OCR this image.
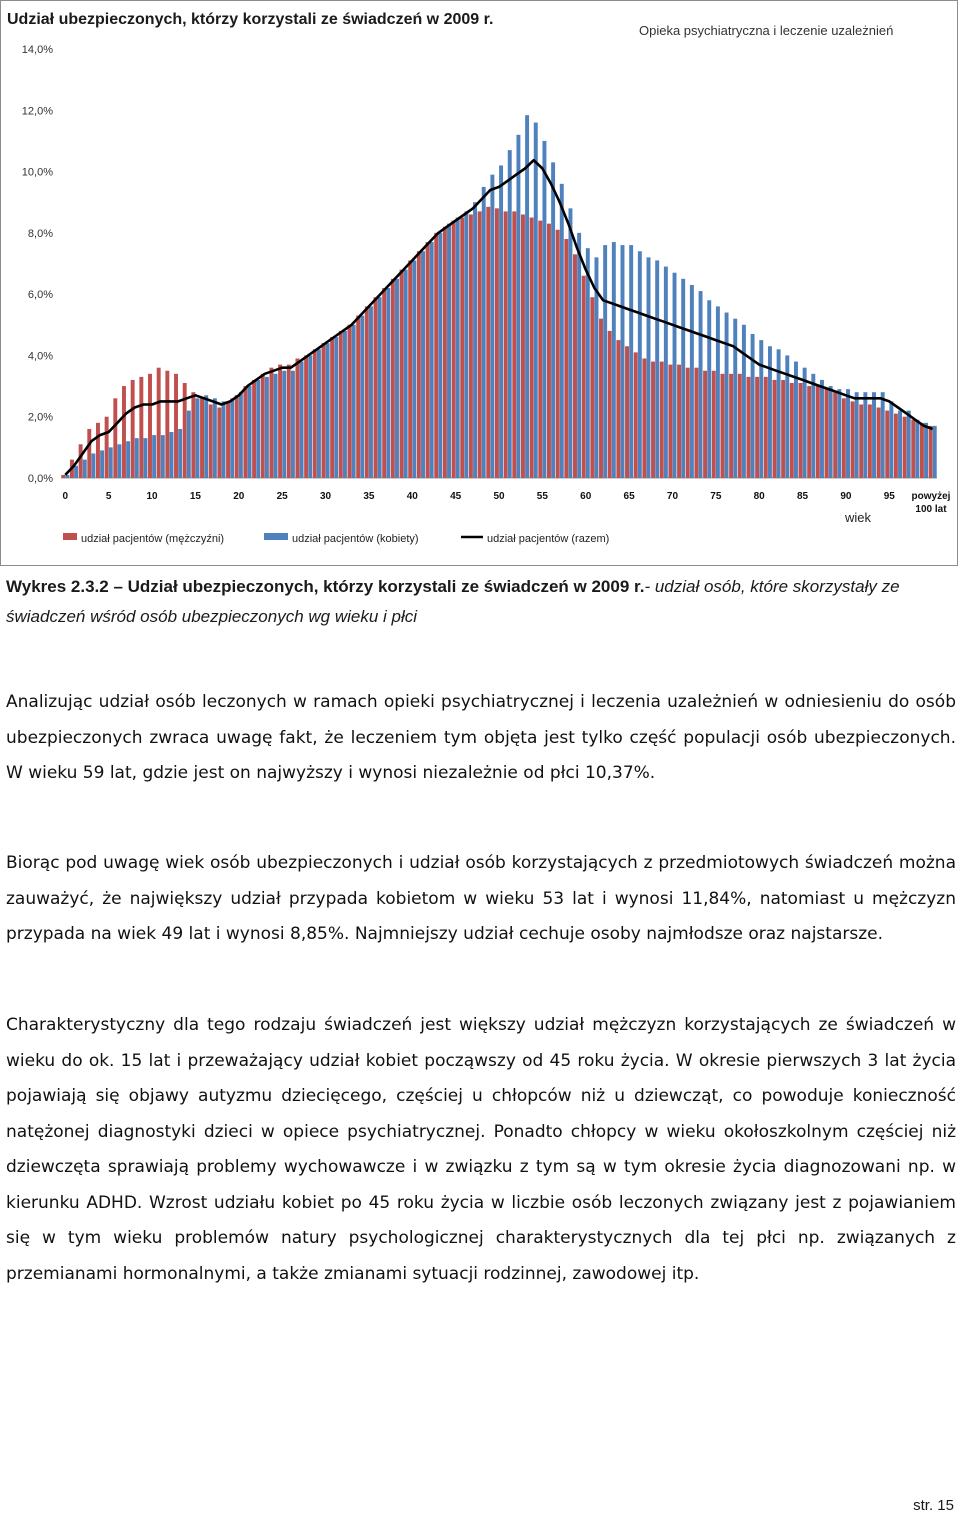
Udział ubezpieczonych, którzy korzystali ze świadczeń w 2009 r.
Opieka psychiatryczna i leczenie uzależnień
0,0%
2,0%
4,0%
6,0%
8,0%
10,0%
12,0%
14,0%
0	5	10	15	20	25	30	35	40	45	50	55	60	65	70	75	80	85	90	95 powyżej
100 lat
wiek
udział pacjentów (mężczyźni)	udział pacjentów (kobiety)	udział pacjentów (razem)
Wykres 2.3.2 – Udział ubezpieczonych, którzy korzystali ze świadczeń w 2009 r.- udział osób, które skorzystały ze świadczeń wśród osób ubezpieczonych wg wieku i płci
Analizując udział osób leczonych w ramach opieki psychiatrycznej i leczenia uzależnień w odniesieniu do osób ubezpieczonych zwraca uwagę fakt, że leczeniem tym objęta jest tylko część populacji osób ubezpieczonych. W wieku 59 lat, gdzie jest on najwyższy i wynosi niezależnie od płci 10,37%.
Biorąc pod uwagę wiek osób ubezpieczonych i udział osób korzystających z przedmiotowych świadczeń można zauważyć, że największy udział przypada kobietom w wieku 53 lat i wynosi 11,84%, natomiast u mężczyzn przypada na wiek 49 lat i wynosi 8,85%. Najmniejszy udział cechuje osoby najmłodsze oraz najstarsze.
Charakterystyczny dla tego rodzaju świadczeń jest większy udział mężczyzn korzystających ze świadczeń w wieku do ok. 15 lat i przeważający udział kobiet począwszy od 45 roku życia. W okresie pierwszych 3 lat życia pojawiają się objawy autyzmu dziecięcego, częściej u chłopców niż u dziewcząt, co powoduje konieczność natężonej diagnostyki dzieci w opiece psychiatrycznej. Ponadto chłopcy w wieku okołoszkolnym częściej niż dziewczęta sprawiają problemy wychowawcze i w związku z tym są w tym okresie życia diagnozowani np. w kierunku ADHD. Wzrost udziału kobiet po 45 roku życia w liczbie osób leczonych związany jest z pojawianiem się w tym wieku problemów natury psychologicznej charakterystycznych dla tej płci np. związanych z przemianami hormonalnymi, a także zmianami sytuacji rodzinnej, zawodowej itp.
str. 15
